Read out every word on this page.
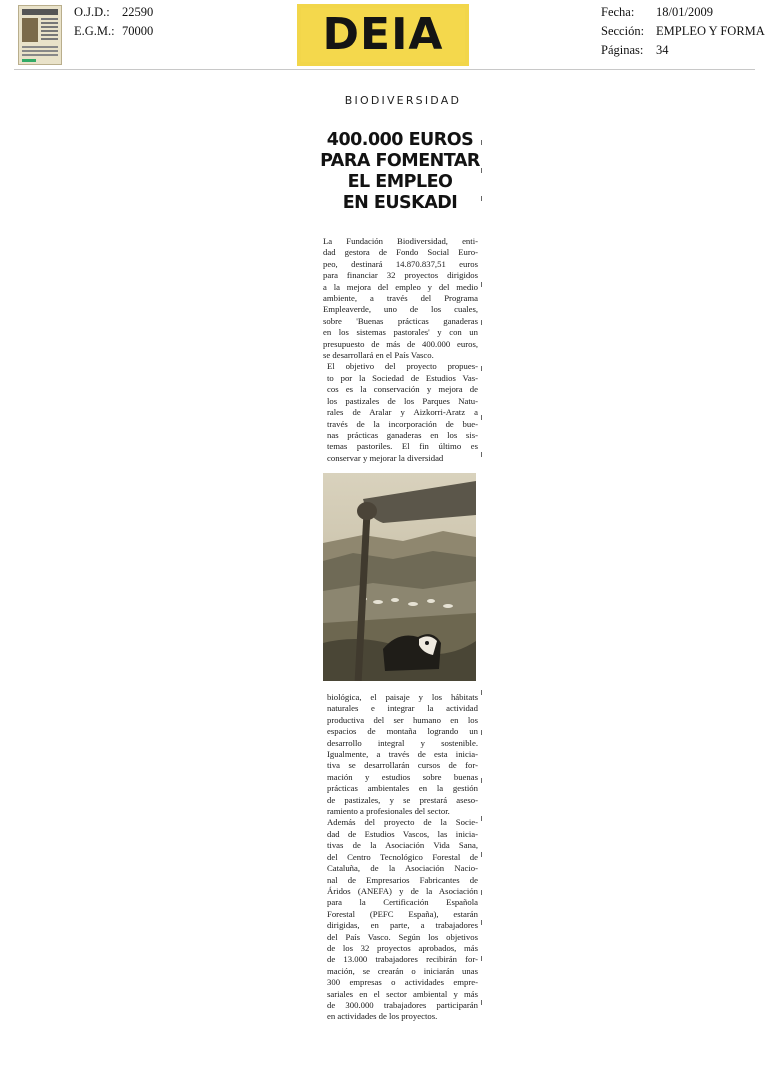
O.J.D.: 22590
E.G.M.: 70000	DEIA	Fecha: 18/01/2009
Sección: EMPLEO Y FORMA
Páginas: 34
BIODIVERSIDAD
400.000 EUROS
PARA FOMENTAR
EL EMPLEO
EN EUSKADI

La Fundación Biodiversidad, enti-
dad gestora de Fondo Social Euro-
peo, destinará 14.870.837,51 euros
para financiar 32 proyectos dirigidos
a la mejora del empleo y del medio
ambiente, a través del Programa
Empleaverde, uno de los cuales,
sobre 'Buenas prácticas ganaderas
en los sistemas pastorales' y con un
presupuesto de más de 400.000 euros,
se desarrollará en el País Vasco.

El objetivo del proyecto propues-
to por la Sociedad de Estudios Vas-
cos es la conservación y mejora de
los pastizales de los Parques Natu-
rales de Aralar y Aizkorri-Aratz a
través de la incorporación de bue-
nas prácticas ganaderas en los sis-
temas pastoriles. El fin último es
conservar y mejorar la diversidad

biológica, el paisaje y los hábitats
naturales e integrar la actividad
productiva del ser humano en los
espacios de montaña logrando un
desarrollo integral y sostenible.
Igualmente, a través de esta inicia-
tiva se desarrollarán cursos de for-
mación y estudios sobre buenas
prácticas ambientales en la gestión
de pastizales, y se prestará aseso-
ramiento a profesionales del sector.

Además del proyecto de la Socie-
dad de Estudios Vascos, las inicia-
tivas de la Asociación Vida Sana,
del Centro Tecnológico Forestal de
Cataluña, de la Asociación Nacio-
nal de Empresarios Fabricantes de
Áridos (ANEFA) y de la Asociación
para la Certificación Española
Forestal (PEFC España), estarán
dirigidas, en parte, a trabajadores
del País Vasco. Según los objetivos
de los 32 proyectos aprobados, más
de 13.000 trabajadores recibirán for-
mación, se crearán o iniciarán unas
300 empresas o actividades empre-
sariales en el sector ambiental y más
de 300.000 trabajadores participarán
en actividades de los proyectos.
